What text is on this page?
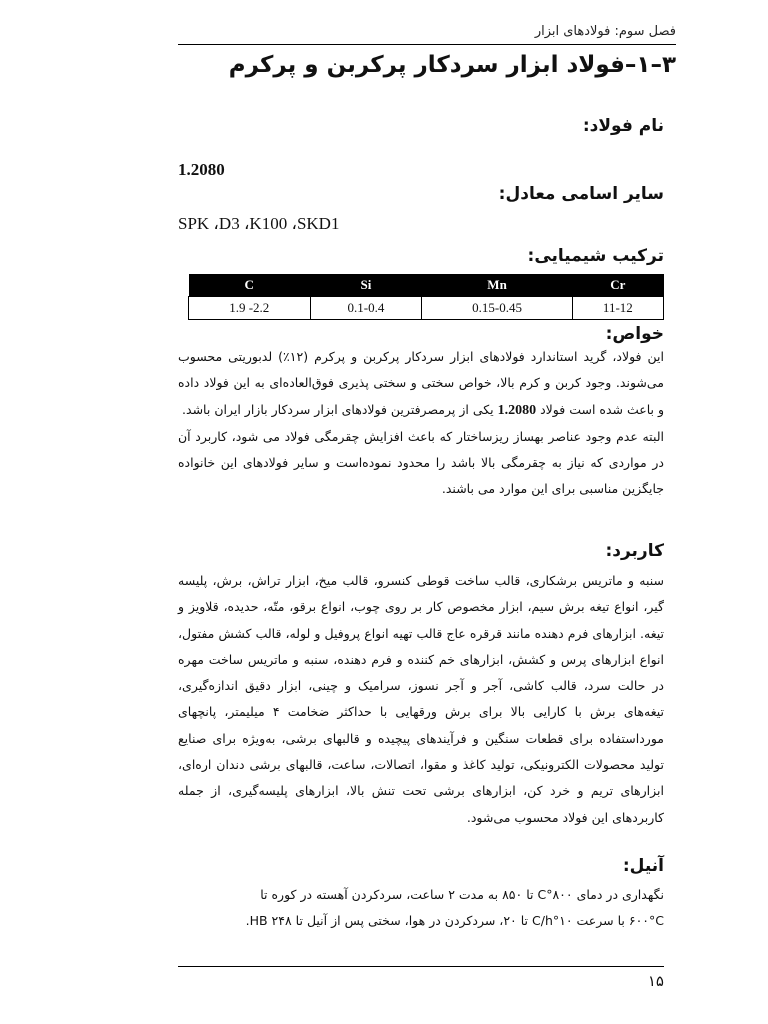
فصل سوم: فولادهای ابزار
۳–۱–فولاد ابزار سردکار پرکربن و پرکرم
نام فولاد:
1.2080
سایر اسامی معادل:
SPK ،D3 ،K100 ،SKD1
ترکیب شیمیایی:
C	Si	Mn	Cr
1.9 -2.2	0.1-0.4	0.15-0.45	11-12
خواص:

این فولاد، گرید استاندارد فولادهای ابزار سردکار پرکربن و پرکرم (۱۲٪) لدبوریتی محسوب می‌شوند. وجود کربن و کرم بالا، خواص سختی و سختی پذیری فوق‌العاده‌ای به این فولاد داده و باعث شده است فولاد 1.2080 یکی از پرمصرفترین فولادهای ابزار سردکار بازار ایران باشد.

البته عدم وجود عناصر بهساز ریزساختار که باعث افزایش چقرمگی فولاد می شود، کاربرد آن در مواردی که نیاز به چقرمگی بالا باشد را محدود نموده‌است و سایر فولادهای این خانواده جایگزین مناسبی برای این موارد می باشند.

کاربرد:
سنبه و ماتریس برشکاری، قالب ساخت قوطی کنسرو، قالب میخ، ابزار تراش، برش، پلیسه گیر، انواع تیغه برش سیم، ابزار مخصوص کار بر روی چوب، انواع برقو، متّه، حدیده، قلاویز و تیغه. ابزارهای فرم دهنده مانند قرقره عاج قالب تهیه انواع پروفیل و لوله، قالب کشش مفتول، انواع ابزارهای پرس و کشش، ابزارهای خم کننده و فرم دهنده، سنبه و ماتریس ساخت مهره در حالت سرد، قالب کاشی، آجر و آجر نسوز، سرامیک و چینی، ابزار دقیق اندازه‌گیری، تیغه‌های برش با کارایی بالا برای برش ورقهایی با حداکثر ضخامت ۴ میلیمتر، پانچهای مورداستفاده برای قطعات سنگین و فرآیندهای پیچیده و قالبهای برشی، به‌ویژه برای صنایع تولید محصولات الکترونیکی، تولید کاغذ و مقوا، اتصالات، ساعت، قالبهای برشی دندان اره‌ای، ابزارهای تریم و خرد کن، ابزارهای برشی تحت تنش بالا، ابزارهای پلیسه‌گیری، از جمله کاربردهای این فولاد محسوب می‌شود.
آنیل:

نگهداری در دمای ۸۰۰°C تا ۸۵۰ به مدت ۲ ساعت، سردکردن آهسته در کوره تا

۶۰۰°C با سرعت ۱۰°C/h تا ۲۰، سردکردن در هوا، سختی پس از آنیل تا HB ۲۴۸.

۱۵
